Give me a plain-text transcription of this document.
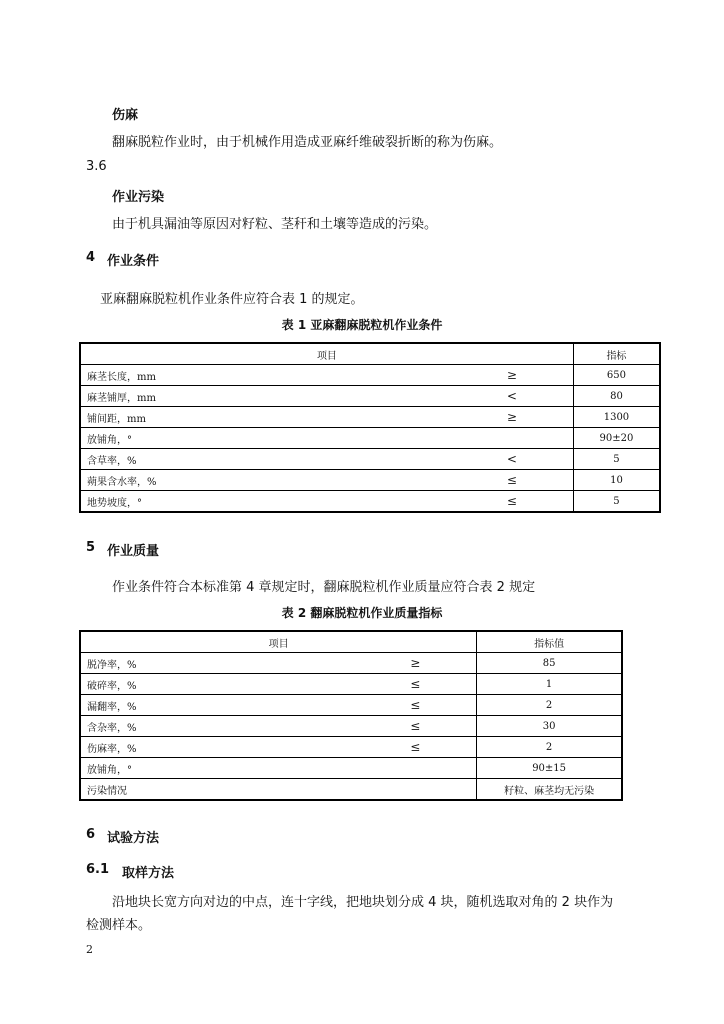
伤麻
翻麻脱粒作业时，由于机械作用造成亚麻纤维破裂折断的称为伤麻。
3.6
作业污染
由于机具漏油等原因对籽粒、茎秆和土壤等造成的污染。
4 作业条件
亚麻翻麻脱粒机作业条件应符合表 1 的规定。
表 1 亚麻翻麻脱粒机作业条件
项目		指标
麻茎长度，mm	≥	650
麻茎铺厚，mm	<	80
铺间距，mm	≥	1300
放铺角，°		90±20
含草率，%	<	5
蒴果含水率，%	≤	10
地势坡度，°	≤	5
5 作业质量
作业条件符合本标准第 4 章规定时，翻麻脱粒机作业质量应符合表 2 规定
表 2 翻麻脱粒机作业质量指标
项目		指标值
脱净率，%	≥	85
破碎率，%	≤	1
漏翻率，%	≤	2
含杂率，%	≤	30
伤麻率，%	≤	2
放铺角，°		90±15
污染情况		籽粒、麻茎均无污染
6 试验方法
6.1 取样方法
沿地块长宽方向对边的中点，连十字线，把地块划分成 4 块，随机选取对角的 2 块作为
检测样本。
2
